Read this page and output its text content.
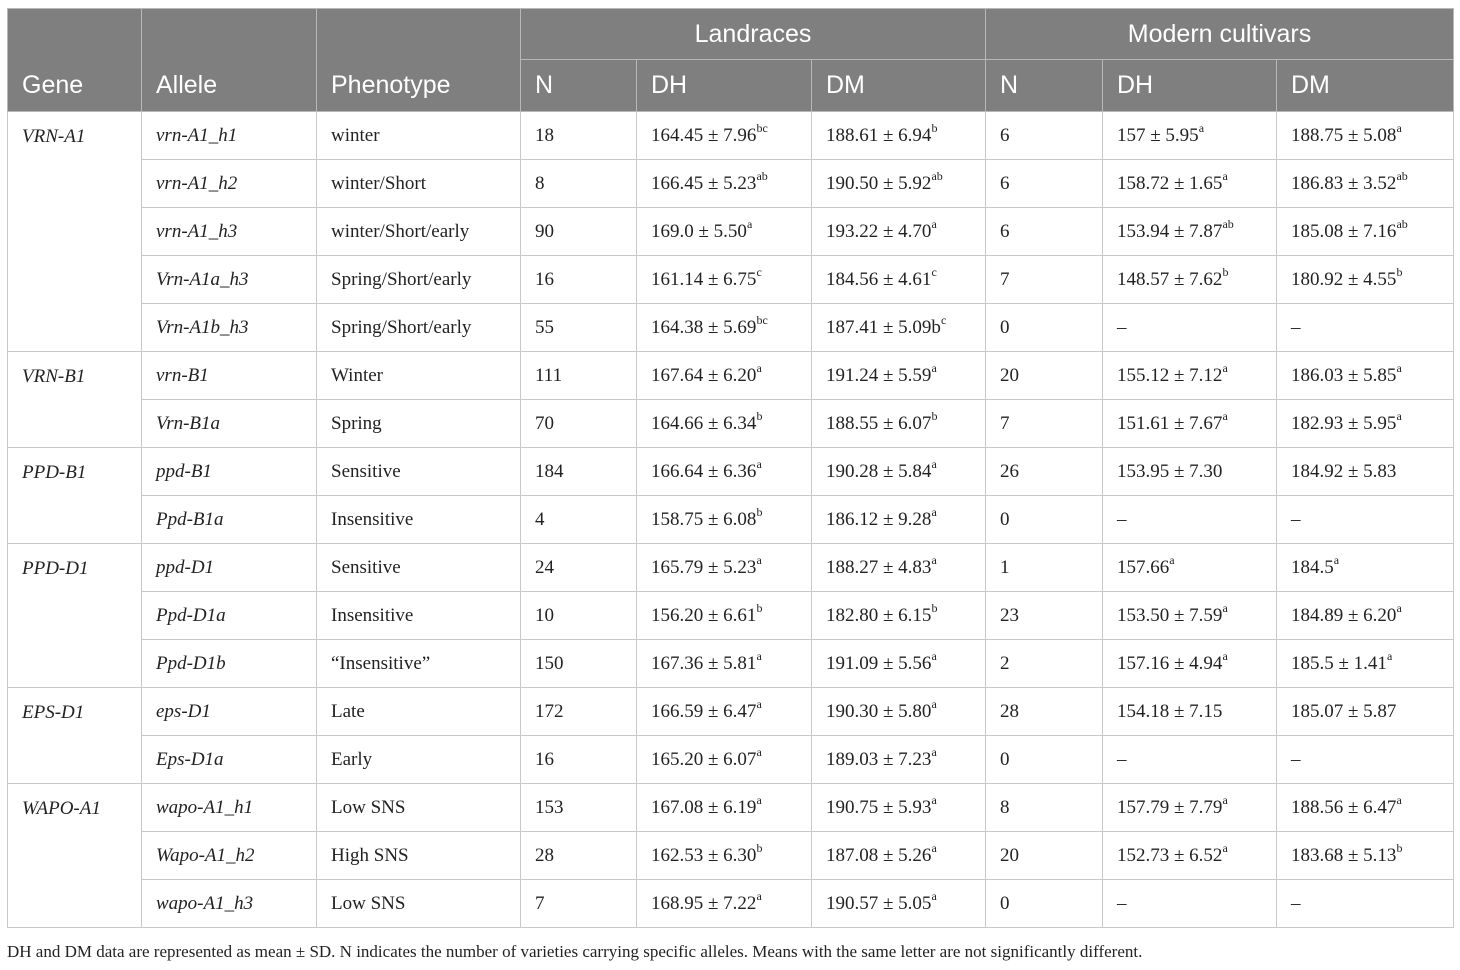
Gene	Allele	Phenotype	Landraces			Modern cultivars		
			N	DH	DM	N	DH	DM
VRN-A1	vrn-A1_h1	winter	18	164.45 ± 7.96$^{bc}$	188.61 ± 6.94$^b$	6	157 ± 5.95$^a$	188.75 ± 5.08$^a$
	vrn-A1_h2	winter/Short	8	166.45 ± 5.23$^{ab}$	190.50 ± 5.92$^{ab}$	6	158.72 ± 1.65$^a$	186.83 ± 3.52$^{ab}$
	vrn-A1_h3	winter/Short/early	90	169.0 ± 5.50$^a$	193.22 ± 4.70$^a$	6	153.94 ± 7.87$^{ab}$	185.08 ± 7.16$^{ab}$
	Vrn-A1a_h3	Spring/Short/early	16	161.14 ± 6.75$^c$	184.56 ± 4.61$^c$	7	148.57 ± 7.62$^b$	180.92 ± 4.55$^b$
	Vrn-A1b_h3	Spring/Short/early	55	164.38 ± 5.69$^{bc}$	$187.41 \pm 5.09b^c$	0	–	–
VRN-B1	vrn-B1	Winter	111	167.64 ± 6.20$^a$	191.24 ± 5.59$^a$	20	155.12 ± 7.12$^a$	186.03 ± 5.85$^a$
	Vrn-B1a	Spring	70	164.66 ± 6.34$^b$	188.55 ± 6.07$^b$	7	151.61 ± 7.67$^a$	182.93 ± 5.95$^a$
PPD-B1	ppd-B1	Sensitive	184	166.64 ± 6.36$^a$	190.28 ± 5.84$^a$	26	153.95 ± 7.30	184.92 ± 5.83
	Ppd-B1a	Insensitive	4	158.75 ± 6.08$^b$	186.12 ± 9.28$^a$	0	–	–
PPD-D1	ppd-D1	Sensitive	24	165.79 ± 5.23$^a$	188.27 ± 4.83$^a$	1	157.66$^a$	184.5$^a$
	Ppd-D1a	Insensitive	10	156.20 ± 6.61$^b$	182.80 ± 6.15$^b$	23	153.50 ± 7.59$^a$	184.89 ± 6.20$^a$
	Ppd-D1b	“Insensitive”	150	167.36 ± 5.81$^a$	191.09 ± 5.56$^a$	2	157.16 ± 4.94$^a$	185.5 ± 1.41$^a$
EPS-D1	eps-D1	Late	172	166.59 ± 6.47$^a$	190.30 ± 5.80$^a$	28	154.18 ± 7.15	185.07 ± 5.87
	Eps-D1a	Early	16	165.20 ± 6.07$^a$	189.03 ± 7.23$^a$	0	–	–
WAPO-A1	wapo-A1_h1	Low SNS	153	167.08 ± 6.19$^a$	190.75 ± 5.93$^a$	8	157.79 ± 7.79$^a$	188.56 ± 6.47$^a$
	Wapo-A1_h2	High SNS	28	162.53 ± 6.30$^b$	187.08 ± 5.26$^a$	20	152.73 ± 6.52$^a$	183.68 ± 5.13$^b$
	wapo-A1_h3	Low SNS	7	168.95 ± 7.22$^a$	190.57 ± 5.05$^a$	0	–	–
DH and DM data are represented as mean ± SD. N indicates the number of varieties carrying specific alleles. Means with the same letter are not significantly different.
